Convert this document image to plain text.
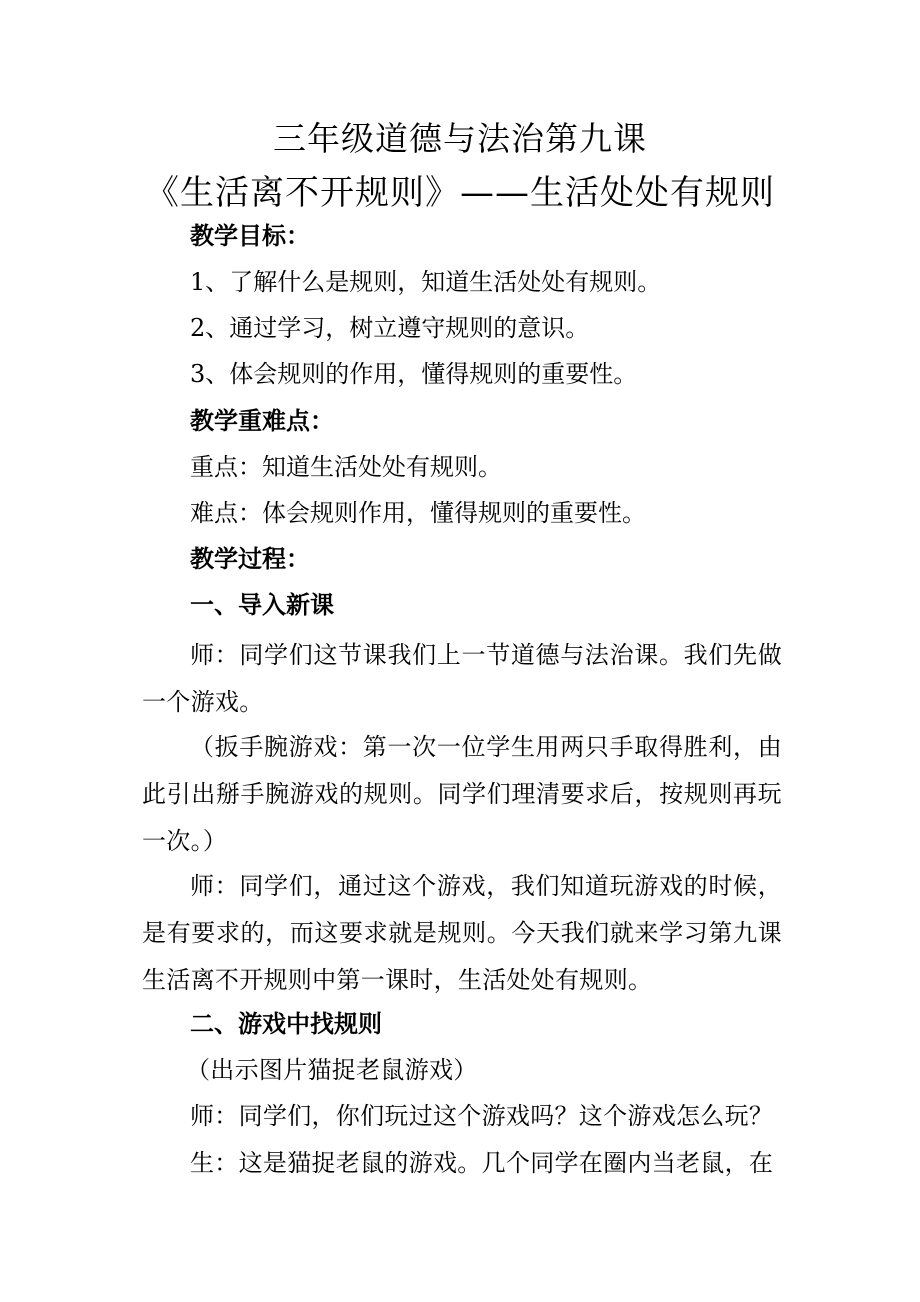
三年级道德与法治第九课
《生活离不开规则》——生活处处有规则
教学目标：
1、了解什么是规则，知道生活处处有规则。
2、通过学习，树立遵守规则的意识。
3、体会规则的作用，懂得规则的重要性。
教学重难点：
重点：知道生活处处有规则。
难点：体会规则作用，懂得规则的重要性。
教学过程：
一、导入新课
师：同学们这节课我们上一节道德与法治课。我们先做一个游戏。
（扳手腕游戏：第一次一位学生用两只手取得胜利，由此引出掰手腕游戏的规则。同学们理清要求后，按规则再玩一次。）
师：同学们，通过这个游戏，我们知道玩游戏的时候，是有要求的，而这要求就是规则。今天我们就来学习第九课生活离不开规则中第一课时，生活处处有规则。
二、游戏中找规则
（出示图片猫捉老鼠游戏）
师：同学们，你们玩过这个游戏吗？这个游戏怎么玩？
生：这是猫捉老鼠的游戏。几个同学在圈内当老鼠，在
